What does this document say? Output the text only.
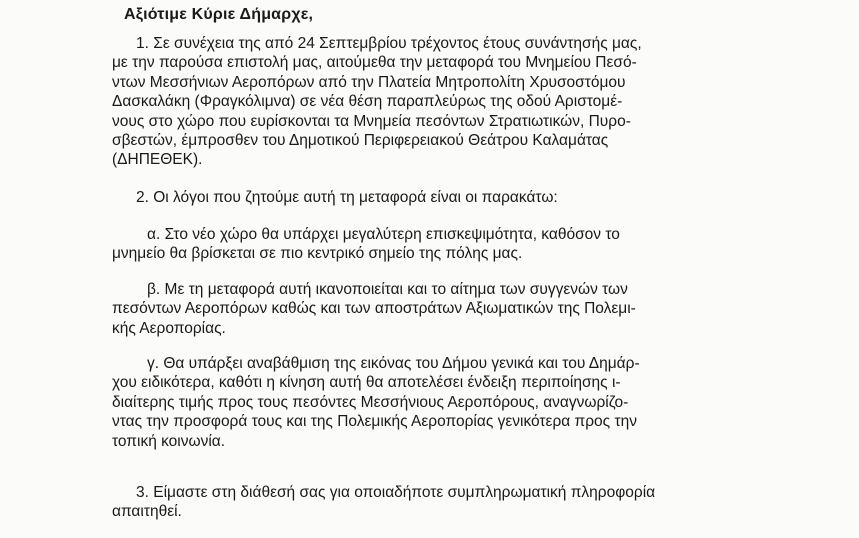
Αξιότιμε Κύριε Δήμαρχε,
1. Σε συνέχεια της από 24 Σεπτεμβρίου τρέχοντος έτους συνάντησής μας,
με την παρούσα επιστολή μας, αιτούμεθα την μεταφορά του Μνημείου Πεσό-
ντων Μεσσήνιων Αεροπόρων από την Πλατεία Μητροπολίτη Χρυσοστόμου
Δασκαλάκη (Φραγκόλιμνα) σε νέα θέση παραπλεύρως της οδού Αριστομέ-
νους στο χώρο που ευρίσκονται τα Μνημεία πεσόντων Στρατιωτικών, Πυρο-
σβεστών, έμπροσθεν του Δημοτικού Περιφερειακού Θεάτρου Καλαμάτας
(ΔΗΠΕΘΕΚ).
2. Οι λόγοι που ζητούμε αυτή τη μεταφορά είναι οι παρακάτω:
α. Στο νέο χώρο θα υπάρχει μεγαλύτερη επισκεψιμότητα, καθόσον το
μνημείο θα βρίσκεται σε πιο κεντρικό σημείο της πόλης μας.
β. Με τη μεταφορά αυτή ικανοποιείται και το αίτημα των συγγενών των
πεσόντων Αεροπόρων καθώς και των αποστράτων Αξιωματικών της Πολεμι-
κής Αεροπορίας.
γ. Θα υπάρξει αναβάθμιση της εικόνας του Δήμου γενικά και του Δημάρ-
χου ειδικότερα, καθότι η κίνηση αυτή θα αποτελέσει ένδειξη περιποίησης ι-
διαίτερης τιμής προς τους πεσόντες Μεσσήνιους Αεροπόρους, αναγνωρίζο-
ντας την προσφορά τους και της Πολεμικής Αεροπορίας γενικότερα προς την
τοπική κοινωνία.
3. Είμαστε στη διάθεσή σας για οποιαδήποτε συμπληρωματική πληροφορία
απαιτηθεί.
